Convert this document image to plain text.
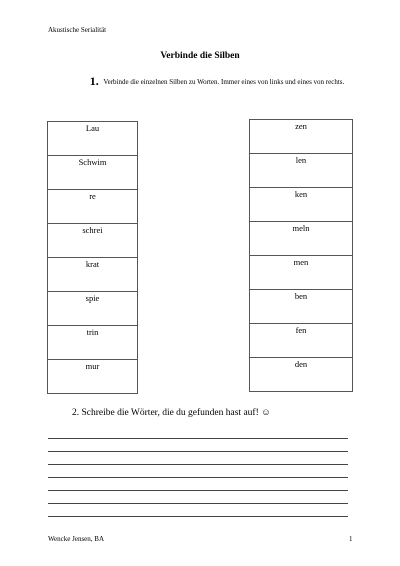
Akustische Serialität
Verbinde die Silben
1. Verbinde die einzelnen Silben zu Worten. Immer eines von links und eines von rechts.
Lau
Schwim
re
schrei
krat
spie
trin
mur
zen
len
ken
meln
men
ben
fen
den
2. Schreibe die Wörter, die du gefunden hast auf! ☺
Wencke Jensen, BA	1
